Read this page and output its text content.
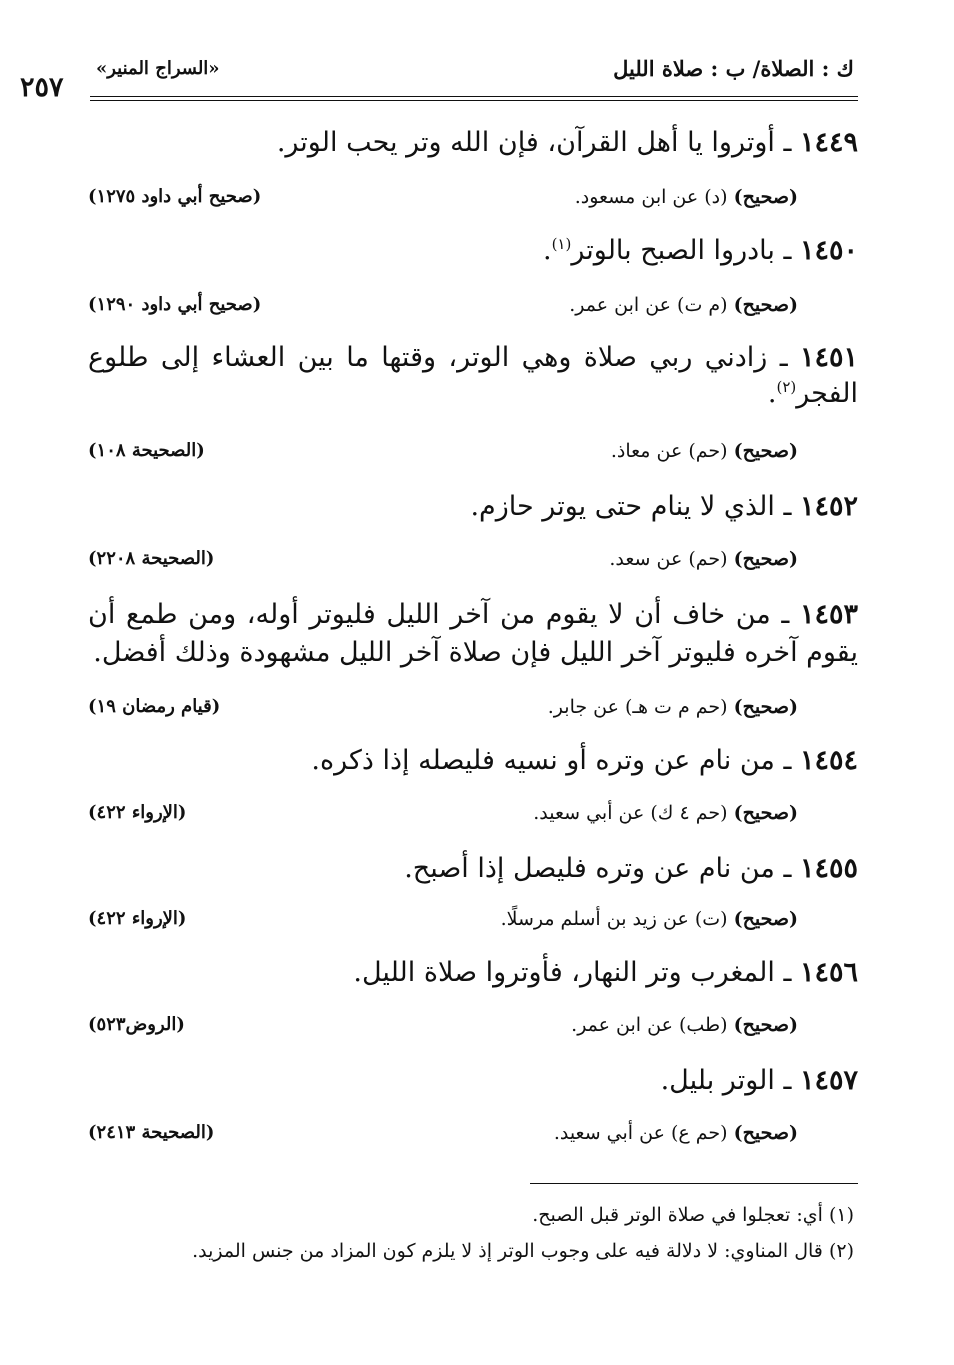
ك : الصلاة/ ب : صلاة الليل
«السراج المنير»
٢٥٧
١٤٤٩ ـ أوتروا يا أهل القرآن، فإن الله وتر يحب الوتر.
(صحيح) (د) عن ابن مسعود.
(صحيح أبي داود ١٢٧٥)
١٤٥٠ ـ بادروا الصبح بالوتر$^{(١)}$.
(صحيح) (م ت) عن ابن عمر.
(صحيح أبي داود ١٢٩٠)
١٤٥١ ـ زادني ربي صلاة وهي الوتر، وقتها ما بين العشاء إلى طلوع الفجر$^{(٢)}$.
(صحيح) (حم) عن معاذ.
(الصحيحة ١٠٨)
١٤٥٢ ـ الذي لا ينام حتى يوتر حازم.
(صحيح) (حم) عن سعد.
(الصحيحة ٢٢٠٨)
١٤٥٣ ـ من خاف أن لا يقوم من آخر الليل فليوتر أوله، ومن طمع أن يقوم آخره فليوتر آخر الليل فإن صلاة آخر الليل مشهودة وذلك أفضل.
(صحيح) (حم م ت هـ) عن جابر.
(قيام رمضان ١٩)
١٤٥٤ ـ من نام عن وتره أو نسيه فليصله إذا ذكره.
(صحيح) (حم ٤ ك) عن أبي سعيد.
(الإرواء ٤٢٢)
١٤٥٥ ـ من نام عن وتره فليصل إذا أصبح.
(صحيح) (ت) عن زيد بن أسلم مرسلًا.
(الإرواء ٤٢٢)
١٤٥٦ ـ المغرب وتر النهار، فأوتروا صلاة الليل.
(صحيح) (طب) عن ابن عمر.
(الروض٥٢٣)
١٤٥٧ ـ الوتر بليل.
(صحيح) (حم ع) عن أبي سعيد.
(الصحيحة ٢٤١٣)
(١) أي: تعجلوا في صلاة الوتر قبل الصبح.
(٢) قال المناوي: لا دلالة فيه على وجوب الوتر إذ لا يلزم كون المزاد من جنس المزيد.
